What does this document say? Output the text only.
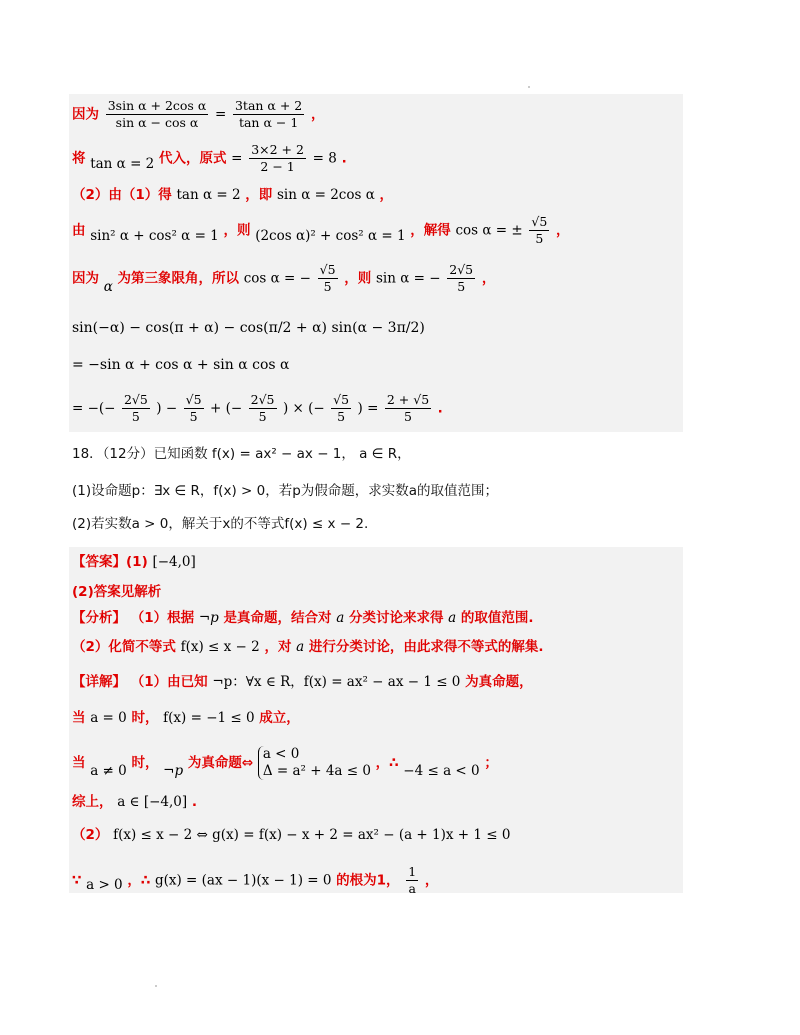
因为 $\frac{\text{3sin α + 2cos α}}{\text{sin α − cos α}} = \frac{\text{3tan α + 2}}{\text{tan α − 1}}$ ，
将 tan α = 2 代入，原式 = $\frac{3\times 2 + 2}{2 - 1} = 8$ .
（2）由（1）得 tan α = 2 ，即 sin α = 2cos α ，
由 sin² α + cos² α = 1 ，则 (2cos α)² + cos² α = 1 ，解得 cos α = ± $\frac{√5}{5}$ ，
因为 α 为第三象限角，所以 cos α = − $\frac{√5}{5}$ ，则 sin α = − $\frac{2√5}{5}$ ，
sin(−α) − cos(π + α) − cos(π/2 + α) sin(α − 3π/2)
= −sin α + cos α + sin α cos α
= −(− $\frac{2√5}{5}$ ) − $\frac{√5}{5}$ + (− $\frac{2√5}{5}$ ) × (− $\frac{√5}{5}$ ) = $\frac{2 + √5}{5}$ .
18．（12分）已知函数 f(x) = ax² − ax − 1， a ∈ R，
(1)设命题p：∃x ∈ R，f(x) > 0，若p为假命题，求实数a的取值范围；
(2)若实数a > 0，解关于x的不等式f(x) ≤ x − 2.
【答案】(1) [−4,0]
(2)答案见解析
【分析】 （1）根据 ¬p 是真命题，结合对 a 分类讨论来求得 a 的取值范围.
（2）化简不等式 f(x) ≤ x − 2 ，对 a 进行分类讨论，由此求得不等式的解集.
【详解】 （1）由已知 ¬p：∀x ∈ R，f(x) = ax² − ax − 1 ≤ 0 为真命题，
当 a = 0 时， f(x) = −1 ≤ 0 成立，
当 a ≠ 0 时， ¬p 为真命题⇔
a < 0
Δ = a² + 4a ≤ 0 ，∴ −4 ≤ a < 0 ；
综上， a ∈ [−4,0] .
（2） f(x) ≤ x − 2 ⇔ g(x) = f(x) − x + 2 = ax² − (a + 1)x + 1 ≤ 0
∵ a > 0 ，∴ g(x) = (ax − 1)(x − 1) = 0 的根为1， $\frac{1}{a}$ ，
